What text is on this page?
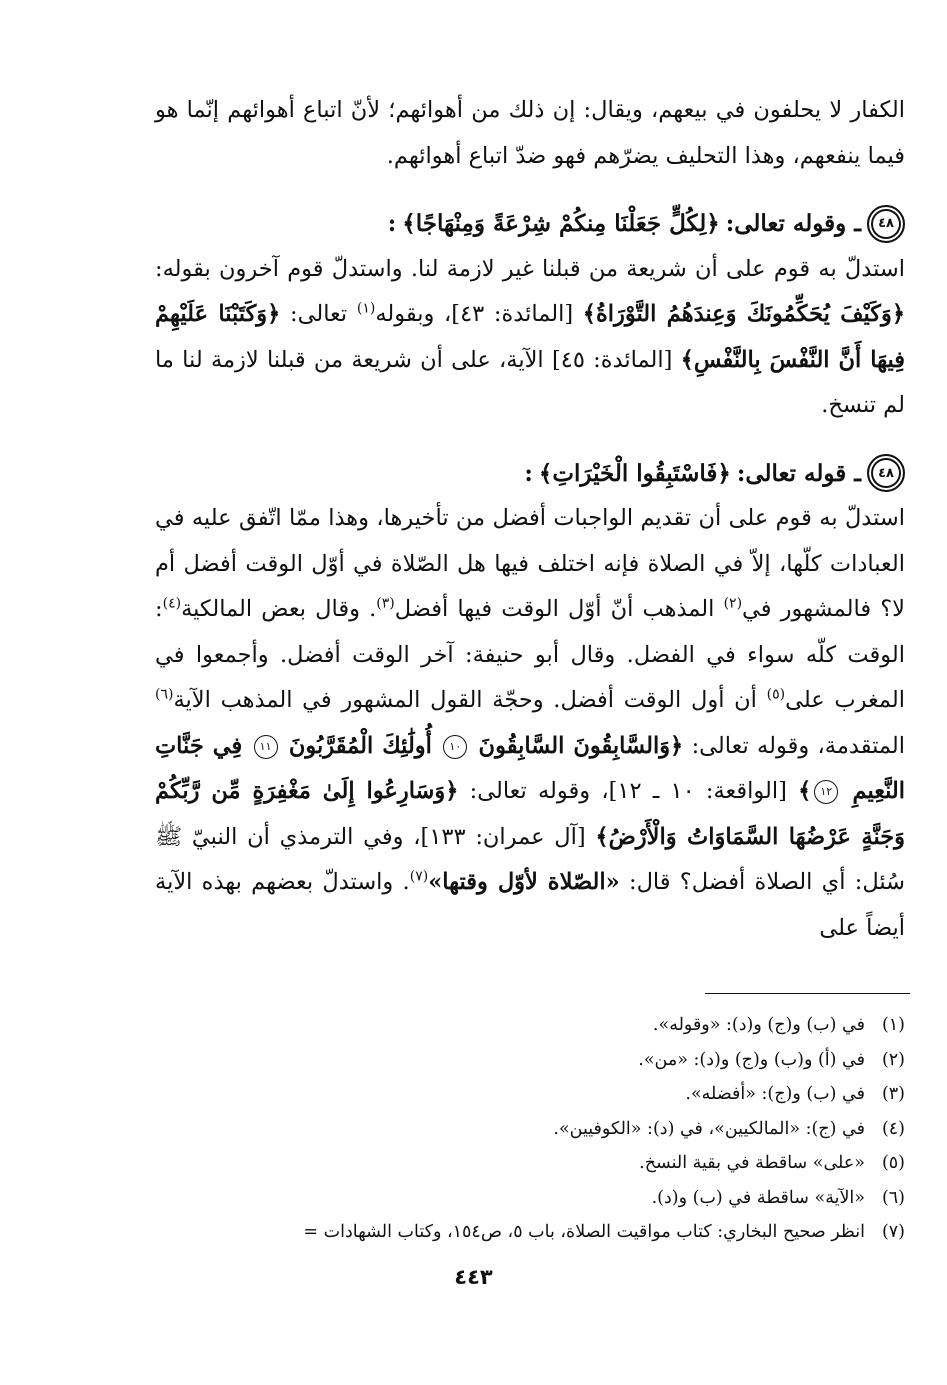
الكفار لا يحلفون في بيعهم، ويقال: إن ذلك من أهوائهم؛ لأنّ اتباع أهوائهم إنّما هو فيما ينفعهم، وهذا التحليف يضرّهم فهو ضدّ اتباع أهوائهم.

٤٨
ـ وقوله تعالى:
﴿لِكُلٍّ جَعَلْنَا مِنكُمْ شِرْعَةً وَمِنْهَاجًا﴾
:

استدلّ به قوم على أن شريعة من قبلنا غير لازمة لنا. واستدلّ قوم آخرون بقوله: ﴿وَكَيْفَ يُحَكِّمُونَكَ وَعِندَهُمُ التَّوْرَاةُ﴾ [المائدة: ٤٣]، وبقوله$^{(١)}$ تعالى: ﴿وَكَتَبْنَا عَلَيْهِمْ فِيهَا أَنَّ النَّفْسَ بِالنَّفْسِ﴾ [المائدة: ٤٥] الآية، على أن شريعة من قبلنا لازمة لنا ما لم تنسخ.

٤٨
ـ قوله تعالى:
﴿فَاسْتَبِقُوا الْخَيْرَاتِ﴾
:

استدلّ به قوم على أن تقديم الواجبات أفضل من تأخيرها، وهذا ممّا اتّفق عليه في العبادات كلّها، إلاّ في الصلاة فإنه اختلف فيها هل الصّلاة في أوّل الوقت أفضل أم لا؟ فالمشهور في$^{(٢)}$ المذهب أنّ أوّل الوقت فيها أفضل$^{(٣)}$. وقال بعض المالكية$^{(٤)}$: الوقت كلّه سواء في الفضل. وقال أبو حنيفة: آخر الوقت أفضل. وأجمعوا في المغرب على$^{(٥)}$ أن أول الوقت أفضل. وحجّة القول المشهور في المذهب الآية$^{(٦)}$ المتقدمة، وقوله تعالى: ﴿وَالسَّابِقُونَ السَّابِقُونَ ١٠ أُولَٰئِكَ الْمُقَرَّبُونَ ١١ فِي جَنَّاتِ النَّعِيمِ ١٢﴾ [الواقعة: ١٠ ـ ١٢]، وقوله تعالى: ﴿وَسَارِعُوا إِلَىٰ مَغْفِرَةٍ مِّن رَّبِّكُمْ وَجَنَّةٍ عَرْضُهَا السَّمَاوَاتُ وَالْأَرْضُ﴾ [آل عمران: ١٣٣]، وفي الترمذي أن النبيّ ﷺ سُئل: أي الصلاة أفضل؟ قال: «الصّلاة لأوّل وقتها»$^{(٧)}$. واستدلّ بعضهم بهذه الآية أيضاً على

(١)
في (ب) و(ج) و(د): «وقوله».
(٢)
في (أ) و(ب) و(ج) و(د): «من».
(٣)
في (ب) و(ج): «أفضله».
(٤)
في (ج): «المالكيين»، في (د): «الكوفيين».
(٥)
«على» ساقطة في بقية النسخ.
(٦)
«الآية» ساقطة في (ب) و(د).
(٧)
انظر صحيح البخاري: كتاب مواقيت الصلاة، باب ٥، ص١٥٤، وكتاب الشهادات =
٤٤٣
